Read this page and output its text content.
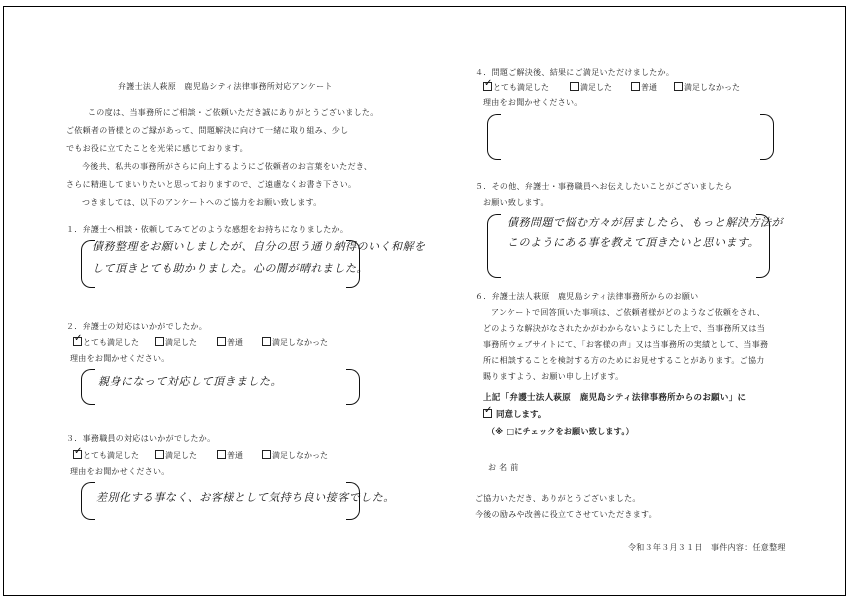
弁護士法人萩原　鹿児島シティ法律事務所対応アンケート
この度は、当事務所にご相談・ご依頼いただき誠にありがとうございました。
ご依頼者の皆様とのご縁があって、問題解決に向けて一緒に取り組み、少し
でもお役に立てたことを光栄に感じております。
今後共、私共の事務所がさらに向上するようにご依頼者のお言葉をいただき、
さらに精進してまいりたいと思っておりますので、ご遠慮なくお書き下さい。
つきましては、以下のアンケートへのご協力をお願い致します。
１．弁護士へ相談・依頼してみてどのような感想をお持ちになりましたか。
債務整理をお願いしましたが、自分の思う通り納得のいく和解を
して頂きとても助かりました。心の闇が晴れました。
２．弁護士の対応はいかがでしたか。
✓とても満足した	満足した	普通	満足しなかった
理由をお聞かせください。
親身になって対応して頂きました。
３．事務職員の対応はいかがでしたか。
✓とても満足した	満足した	普通	満足しなかった
理由をお聞かせください。
差別化する事なく、お客様として気持ち良い接客でした。
４．問題ご解決後、結果にご満足いただけましたか。
✓とても満足した	満足した	普通	満足しなかった
理由をお聞かせください。
５．その他、弁護士・事務職員へお伝えしたいことがございましたら
お願い致します。
債務問題で悩む方々が居ましたら、もっと解決方法が
このようにある事を教えて頂きたいと思います。
６．弁護士法人萩原　鹿児島シティ法律事務所からのお願い
アンケートで回答頂いた事項は、ご依頼者様がどのようなご依頼をされ、
どのような解決がなされたかがわからないようにした上で、当事務所又は当
事務所ウェブサイトにて、「お客様の声」又は当事務所の実績として、当事務
所に相談することを検討する方のためにお見せすることがあります。ご協力
賜りますよう、お願い申し上げます。
上記「弁護士法人萩原　鹿児島シティ法律事務所からのお願い」に
✓ 同意します。
（※ □にチェックをお願い致します。）
お 名 前
ご協力いただき、ありがとうございました。
今後の励みや改善に役立てさせていただきます。
令和３年３月３１日　事件内容：任意整理
